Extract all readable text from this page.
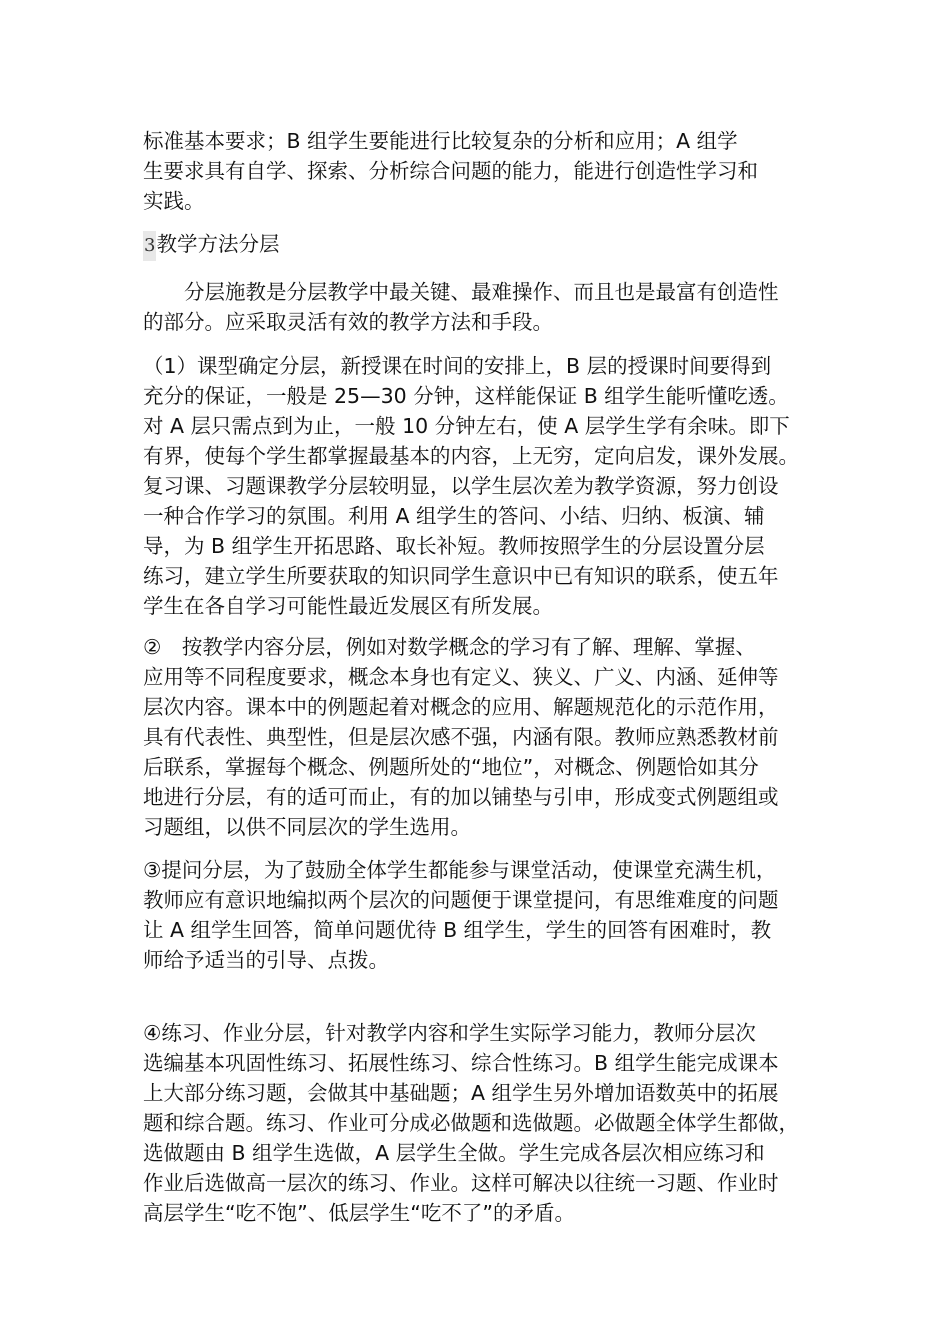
标准基本要求；B 组学生要能进行比较复杂的分析和应用；A 组学
生要求具有自学、探索、分析综合问题的能力，能进行创造性学习和
实践。
3教学方法分层
　　分层施教是分层教学中最关键、最难操作、而且也是最富有创造性
的部分。应采取灵活有效的教学方法和手段。
（1）课型确定分层，新授课在时间的安排上，B 层的授课时间要得到
充分的保证，一般是 25—30 分钟，这样能保证 B 组学生能听懂吃透。
对 A 层只需点到为止，一般 10 分钟左右，使 A 层学生学有余味。即下
有界，使每个学生都掌握最基本的内容，上无穷，定向启发，课外发展。
复习课、习题课教学分层较明显，以学生层次差为教学资源，努力创设
一种合作学习的氛围。利用 A 组学生的答问、小结、归纳、板演、辅
导，为 B 组学生开拓思路、取长补短。教师按照学生的分层设置分层
练习，建立学生所要获取的知识同学生意识中已有知识的联系，使五年
学生在各自学习可能性最近发展区有所发展。
②　按教学内容分层，例如对数学概念的学习有了解、理解、掌握、
应用等不同程度要求，概念本身也有定义、狭义、广义、内涵、延伸等
层次内容。课本中的例题起着对概念的应用、解题规范化的示范作用，
具有代表性、典型性，但是层次感不强，内涵有限。教师应熟悉教材前
后联系，掌握每个概念、例题所处的“地位”，对概念、例题恰如其分
地进行分层，有的适可而止，有的加以铺垫与引申，形成变式例题组或
习题组，以供不同层次的学生选用。
③提问分层，为了鼓励全体学生都能参与课堂活动，使课堂充满生机，
教师应有意识地编拟两个层次的问题便于课堂提问，有思维难度的问题
让 A 组学生回答，简单问题优待 B 组学生，学生的回答有困难时，教
师给予适当的引导、点拨。
④练习、作业分层，针对教学内容和学生实际学习能力，教师分层次
选编基本巩固性练习、拓展性练习、综合性练习。B 组学生能完成课本
上大部分练习题，会做其中基础题；A 组学生另外增加语数英中的拓展
题和综合题。练习、作业可分成必做题和选做题。必做题全体学生都做，
选做题由 B 组学生选做，A 层学生全做。学生完成各层次相应练习和
作业后选做高一层次的练习、作业。这样可解决以往统一习题、作业时
高层学生“吃不饱”、低层学生“吃不了”的矛盾。
